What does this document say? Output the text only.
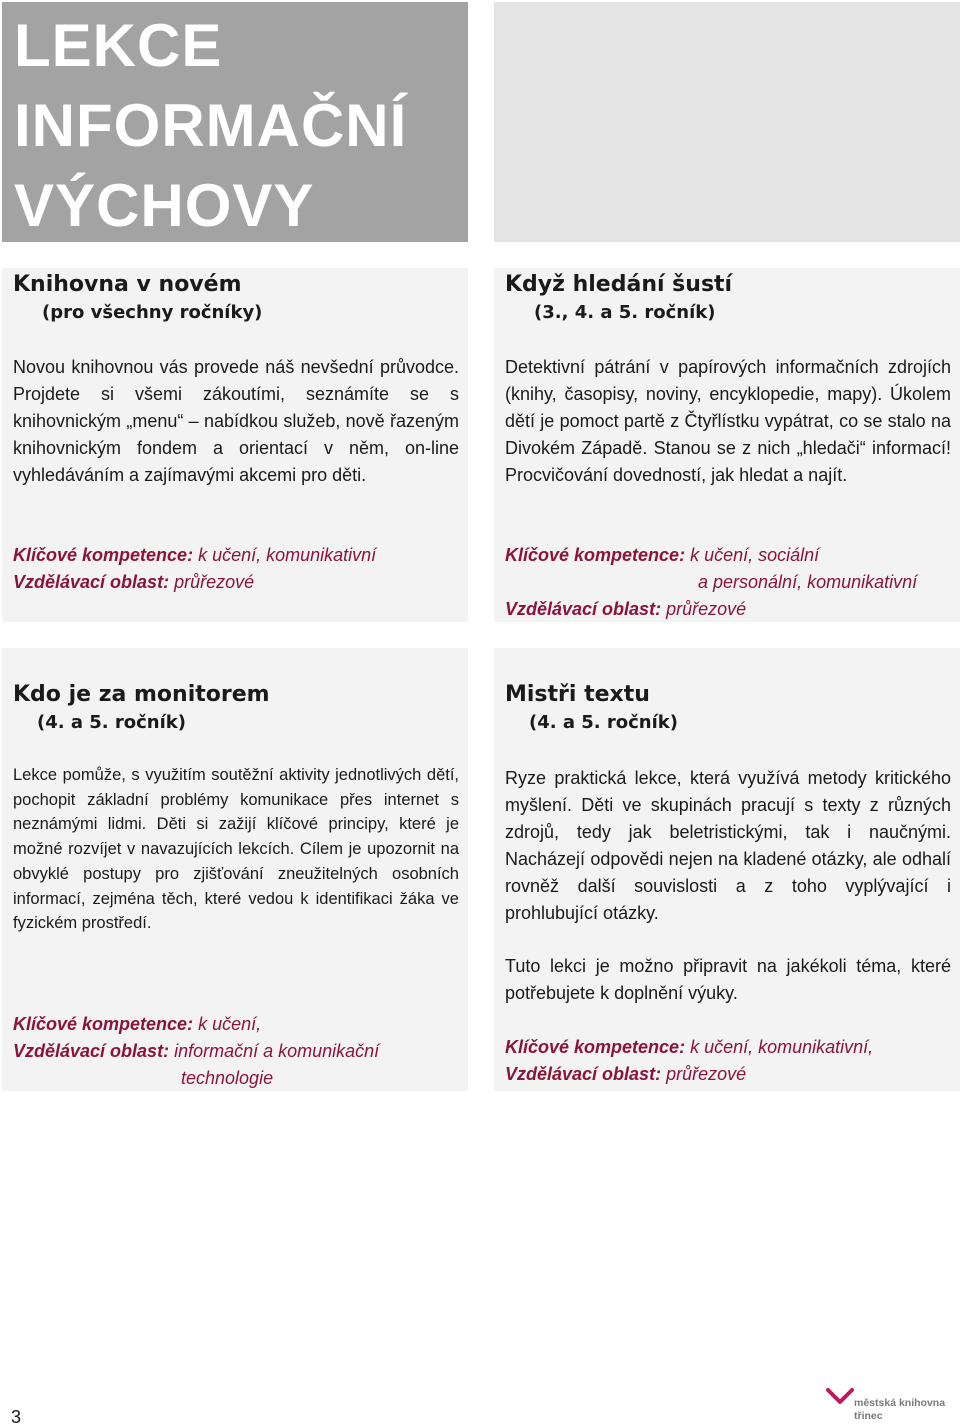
LEKCE
INFORMAČNÍ
VÝCHOVY
Knihovna v novém
(pro všechny ročníky)
Novou knihovnou vás provede náš nevšední průvodce. Projdete si všemi zákoutími, seznámíte se s knihovnickým „menu“ – nabídkou služeb, nově řazeným knihovnickým fondem a orientací v něm, on-line vyhledáváním a zajímavými akcemi pro děti.
Klíčové kompetence: k učení, komunikativní
Vzdělávací oblast: průřezové
Když hledání šustí
(3., 4. a 5. ročník)
Detektivní pátrání v papírových informačních zdrojích (knihy, časopisy, noviny, encyklopedie, mapy). Úkolem dětí je pomoct partě z Čtyřlístku vypátrat, co se stalo na Divokém Západě. Stanou se z nich „hledači“ informací! Procvičování dovedností, jak hledat a najít.
Klíčové kompetence: k učení, sociální
a personální, komunikativní
Vzdělávací oblast: průřezové
Kdo je za monitorem
(4. a 5. ročník)
Lekce pomůže, s využitím soutěžní aktivity jednotlivých dětí, pochopit základní problémy komunikace přes internet s neznámými lidmi. Děti si zažijí klíčové principy, které je možné rozvíjet v navazujících lekcích. Cílem je upozornit na obvyklé postupy pro zjišťování zneužitelných osobních informací, zejména těch, které vedou k identifikaci žáka ve fyzickém prostředí.
Klíčové kompetence: k učení,
Vzdělávací oblast: informační a komunikační
technologie
Mistři textu
(4. a 5. ročník)
Ryze praktická lekce, která využívá metody kritického myšlení. Děti ve skupinách pracují s texty z různých zdrojů, tedy jak beletristickými, tak i naučnými. Nacházejí odpovědi nejen na kladené otázky, ale odhalí rovněž další souvislosti a z toho vyplývající i prohlubující otázky.
Tuto lekci je možno připravit na jakékoli téma, které potřebujete k doplnění výuky.
Klíčové kompetence: k učení, komunikativní,
Vzdělávací oblast: průřezové
3
městská knihovna
třinec
